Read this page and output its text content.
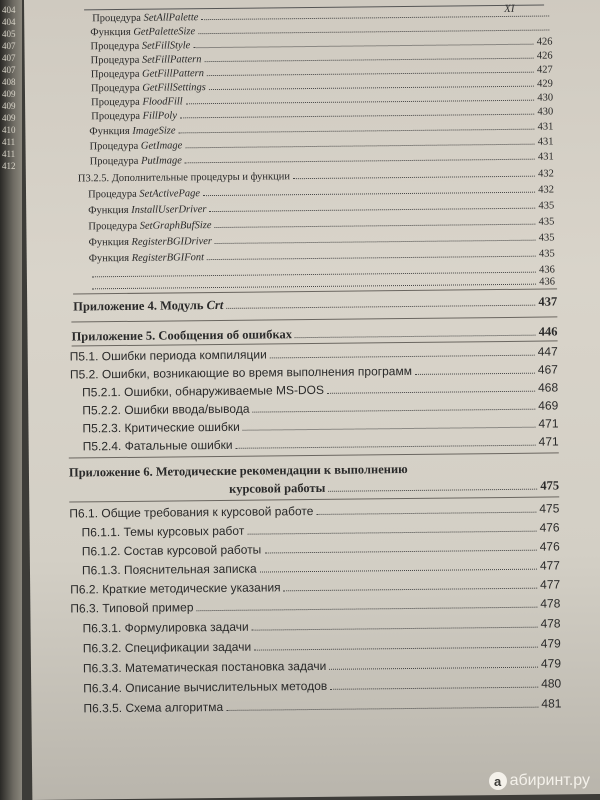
404
404
405
407
407
407
408
409
409
409
410
411
411
412
XI
Процедура SetAllPalette
Функция GetPaletteSize
Процедура SetFillStyle	426
Процедура SetFillPattern	426
Процедура GetFillPattern	427
Процедура GetFillSettings	429
Процедура FloodFill	430
Процедура FillPoly	430
Функция ImageSize	431
Процедура GetImage	431
Процедура PutImage	431
П3.2.5. Дополнительные процедуры и функции	432
Процедура SetActivePage	432
Функция InstallUserDriver	435
Процедура SetGraphBufSize	435
Функция RegisterBGIDriver	435
Функция RegisterBGIFont	435
436
436
Приложение 4. Модуль Crt	437
Приложение 5. Сообщения об ошибках	446
П5.1. Ошибки периода компиляции	447
П5.2. Ошибки, возникающие во время выполнения программ	467
П5.2.1. Ошибки, обнаруживаемые MS-DOS	468
П5.2.2. Ошибки ввода/вывода	469
П5.2.3. Критические ошибки	471
П5.2.4. Фатальные ошибки	471
Приложение 6. Методические рекомендации к выполнению
курсовой работы	475
П6.1. Общие требования к курсовой работе	475
П6.1.1. Темы курсовых работ	476
П6.1.2. Состав курсовой работы	476
П6.1.3. Пояснительная записка	477
П6.2. Краткие методические указания	477
П6.3. Типовой пример	478
П6.3.1. Формулировка задачи	478
П6.3.2. Спецификации задачи	479
П6.3.3. Математическая постановка задачи	479
П6.3.4. Описание вычислительных методов	480
П6.3.5. Схема алгоритма	481
а абиринт.ру
